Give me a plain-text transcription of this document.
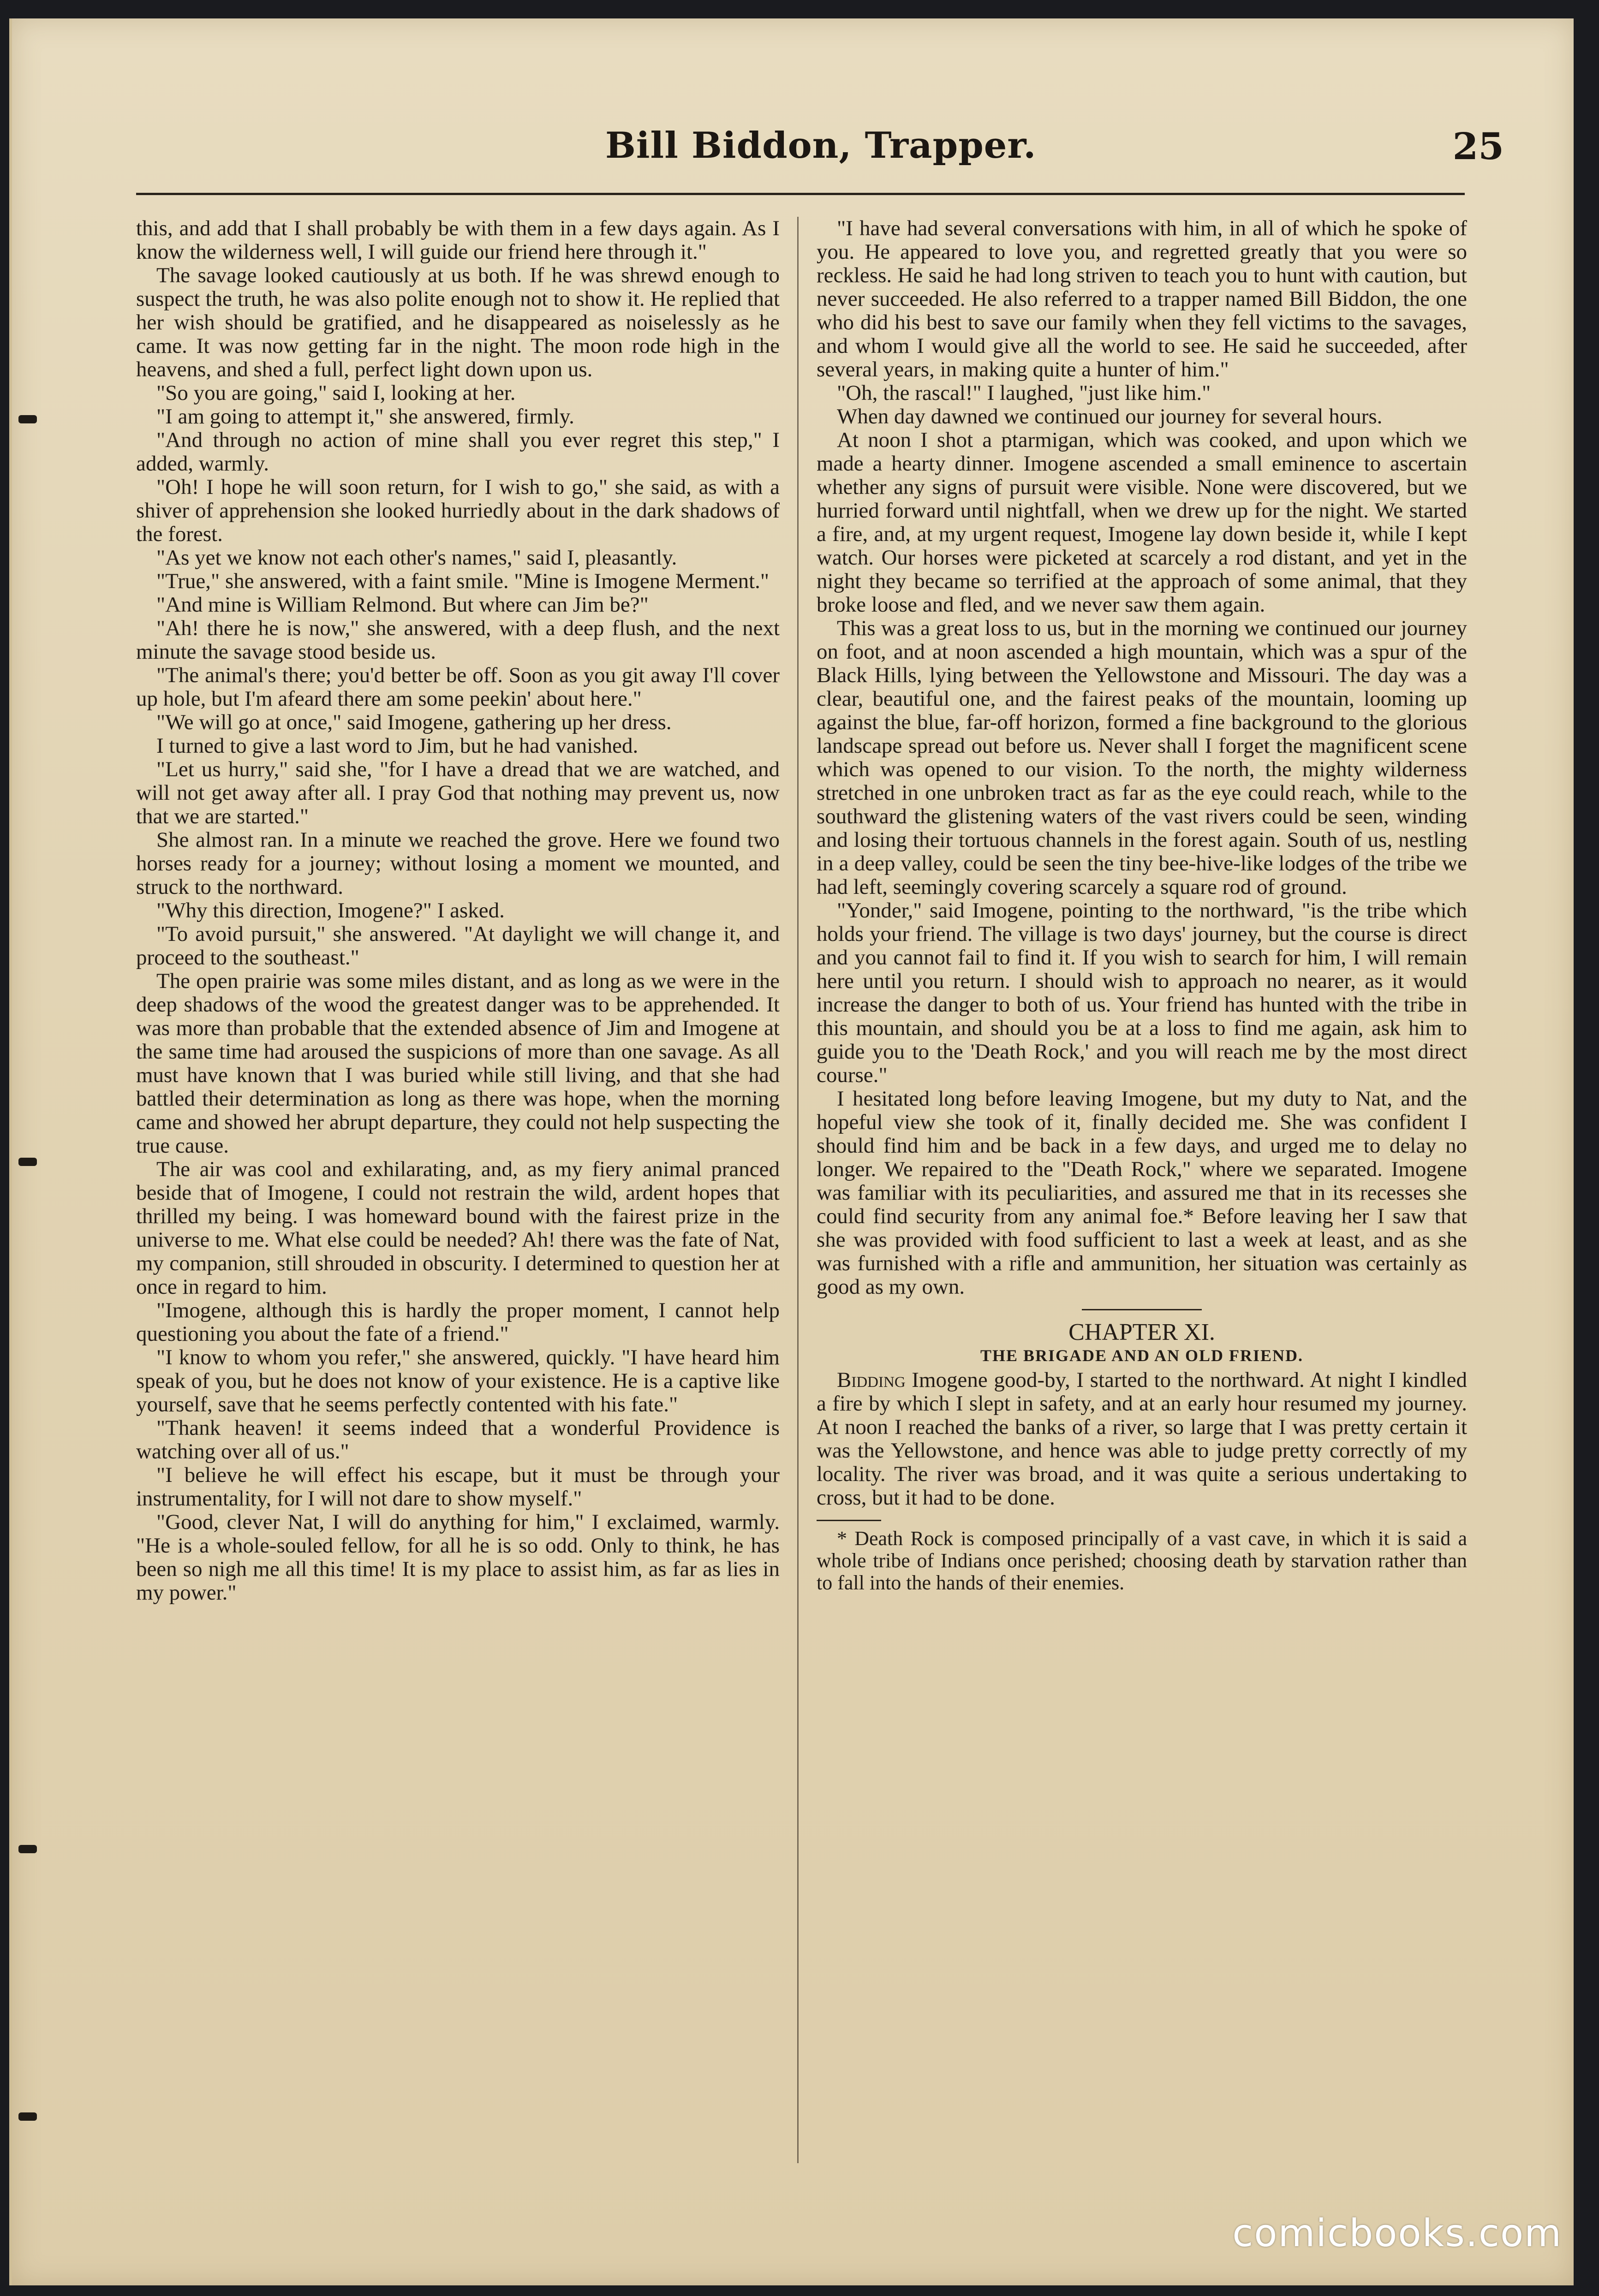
Bill Biddon, Trapper.	25

this, and add that I shall probably be with them in a few days again. As I know the wilderness well, I will guide our friend here through it."

The savage looked cautiously at us both. If he was shrewd enough to suspect the truth, he was also polite enough not to show it. He replied that her wish should be gratified, and he disappeared as noiselessly as he came. It was now getting far in the night. The moon rode high in the heavens, and shed a full, perfect light down upon us.

"So you are going," said I, looking at her.

"I am going to attempt it," she answered, firmly.

"And through no action of mine shall you ever regret this step," I added, warmly.

"Oh! I hope he will soon return, for I wish to go," she said, as with a shiver of apprehension she looked hurriedly about in the dark shadows of the forest.

"As yet we know not each other's names," said I, pleasantly.

"True," she answered, with a faint smile. "Mine is Imogene Merment."

"And mine is William Relmond. But where can Jim be?"

"Ah! there he is now," she answered, with a deep flush, and the next minute the savage stood beside us.

"The animal's there; you'd better be off. Soon as you git away I'll cover up hole, but I'm afeard there am some peekin' about here."

"We will go at once," said Imogene, gathering up her dress.

I turned to give a last word to Jim, but he had vanished.

"Let us hurry," said she, "for I have a dread that we are watched, and will not get away after all. I pray God that nothing may prevent us, now that we are started."

She almost ran. In a minute we reached the grove. Here we found two horses ready for a journey; without losing a moment we mounted, and struck to the northward.

"Why this direction, Imogene?" I asked.

"To avoid pursuit," she answered. "At daylight we will change it, and proceed to the southeast."

The open prairie was some miles distant, and as long as we were in the deep shadows of the wood the greatest danger was to be apprehended. It was more than probable that the extended absence of Jim and Imogene at the same time had aroused the suspicions of more than one savage. As all must have known that I was buried while still living, and that she had battled their determination as long as there was hope, when the morning came and showed her abrupt departure, they could not help suspecting the true cause.

The air was cool and exhilarating, and, as my fiery animal pranced beside that of Imogene, I could not restrain the wild, ardent hopes that thrilled my being. I was homeward bound with the fairest prize in the universe to me. What else could be needed? Ah! there was the fate of Nat, my companion, still shrouded in obscurity. I determined to question her at once in regard to him.

"Imogene, although this is hardly the proper moment, I cannot help questioning you about the fate of a friend."

"I know to whom you refer," she answered, quickly. "I have heard him speak of you, but he does not know of your existence. He is a captive like yourself, save that he seems perfectly contented with his fate."

"Thank heaven! it seems indeed that a wonderful Providence is watching over all of us."

"I believe he will effect his escape, but it must be through your instrumentality, for I will not dare to show myself."

"Good, clever Nat, I will do anything for him," I exclaimed, warmly. "He is a whole-souled fellow, for all he is so odd. Only to think, he has been so nigh me all this time! It is my place to assist him, as far as lies in my power."

"I have had several conversations with him, in all of which he spoke of you. He appeared to love you, and regretted greatly that you were so reckless. He said he had long striven to teach you to hunt with caution, but never succeeded. He also referred to a trapper named Bill Biddon, the one who did his best to save our family when they fell victims to the savages, and whom I would give all the world to see. He said he succeeded, after several years, in making quite a hunter of him."

"Oh, the rascal!" I laughed, "just like him."

When day dawned we continued our journey for several hours.

At noon I shot a ptarmigan, which was cooked, and upon which we made a hearty dinner. Imogene ascended a small eminence to ascertain whether any signs of pursuit were visible. None were discovered, but we hurried forward until nightfall, when we drew up for the night. We started a fire, and, at my urgent request, Imogene lay down beside it, while I kept watch. Our horses were picketed at scarcely a rod distant, and yet in the night they became so terrified at the approach of some animal, that they broke loose and fled, and we never saw them again.

This was a great loss to us, but in the morning we continued our journey on foot, and at noon ascended a high mountain, which was a spur of the Black Hills, lying between the Yellowstone and Missouri. The day was a clear, beautiful one, and the fairest peaks of the mountain, looming up against the blue, far-off horizon, formed a fine background to the glorious landscape spread out before us. Never shall I forget the magnificent scene which was opened to our vision. To the north, the mighty wilderness stretched in one unbroken tract as far as the eye could reach, while to the southward the glistening waters of the vast rivers could be seen, winding and losing their tortuous channels in the forest again. South of us, nestling in a deep valley, could be seen the tiny bee-hive-like lodges of the tribe we had left, seemingly covering scarcely a square rod of ground.

"Yonder," said Imogene, pointing to the northward, "is the tribe which holds your friend. The village is two days' journey, but the course is direct and you cannot fail to find it. If you wish to search for him, I will remain here until you return. I should wish to approach no nearer, as it would increase the danger to both of us. Your friend has hunted with the tribe in this mountain, and should you be at a loss to find me again, ask him to guide you to the 'Death Rock,' and you will reach me by the most direct course."

I hesitated long before leaving Imogene, but my duty to Nat, and the hopeful view she took of it, finally decided me. She was confident I should find him and be back in a few days, and urged me to delay no longer. We repaired to the "Death Rock," where we separated. Imogene was familiar with its peculiarities, and assured me that in its recesses she could find security from any animal foe.* Before leaving her I saw that she was provided with food sufficient to last a week at least, and as she was furnished with a rifle and ammunition, her situation was certainly as good as my own.

CHAPTER XI.

THE BRIGADE AND AN OLD FRIEND.

Bidding Imogene good-by, I started to the northward. At night I kindled a fire by which I slept in safety, and at an early hour resumed my journey. At noon I reached the banks of a river, so large that I was pretty certain it was the Yellowstone, and hence was able to judge pretty correctly of my locality. The river was broad, and it was quite a serious undertaking to cross, but it had to be done.

* Death Rock is composed principally of a vast cave, in which it is said a whole tribe of Indians once perished; choosing death by starvation rather than to fall into the hands of their enemies.

comicbooks.com
